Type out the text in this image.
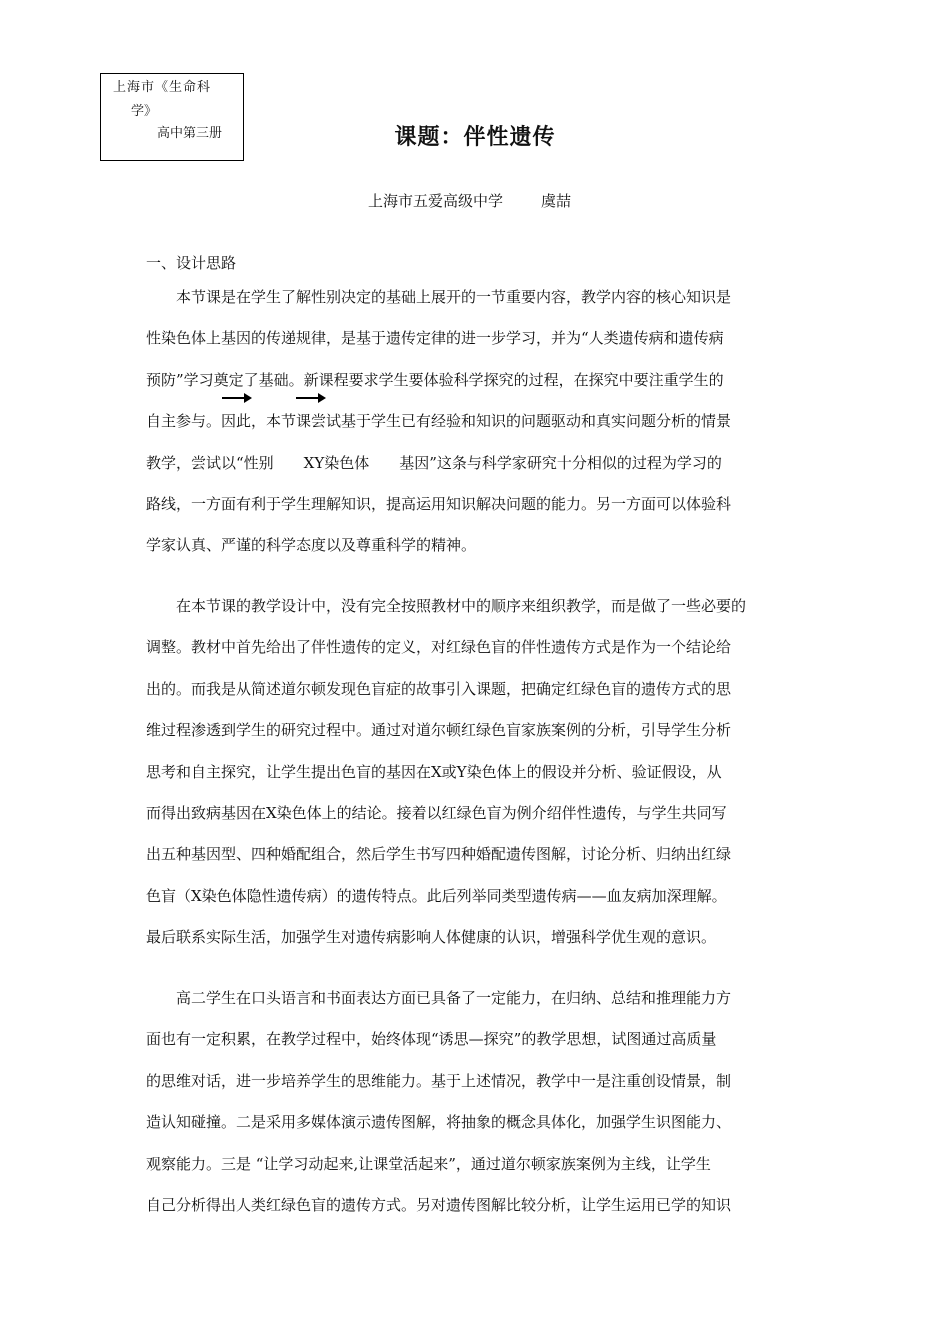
上海市《生命科
学》
高中第三册	课题：伴性遗传
上海市五爱高级中学	虞喆
一、设计思路

　　本节课是在学生了解性别决定的基础上展开的一节重要内容，教学内容的核心知识是
性染色体上基因的传递规律，是基于遗传定律的进一步学习，并为“人类遗传病和遗传病
预防”学习奠定了基础。新课程要求学生要体验科学探究的过程，在探究中要注重学生的
自主参与。因此，本节课尝试基于学生已有经验和知识的问题驱动和真实问题分析的情景
教学，尝试以“性别　　XY染色体　　基因”这条与科学家研究十分相似的过程为学习的
路线，一方面有利于学生理解知识，提高运用知识解决问题的能力。另一方面可以体验科
学家认真、严谨的科学态度以及尊重科学的精神。

　　在本节课的教学设计中，没有完全按照教材中的顺序来组织教学，而是做了一些必要的
调整。教材中首先给出了伴性遗传的定义，对红绿色盲的伴性遗传方式是作为一个结论给
出的。而我是从简述道尔顿发现色盲症的故事引入课题，把确定红绿色盲的遗传方式的思
维过程渗透到学生的研究过程中。通过对道尔顿红绿色盲家族案例的分析，引导学生分析
思考和自主探究，让学生提出色盲的基因在X或Y染色体上的假设并分析、验证假设，从
而得出致病基因在X染色体上的结论。接着以红绿色盲为例介绍伴性遗传，与学生共同写
出五种基因型、四种婚配组合，然后学生书写四种婚配遗传图解，讨论分析、归纳出红绿
色盲（X染色体隐性遗传病）的遗传特点。此后列举同类型遗传病——血友病加深理解。
最后联系实际生活，加强学生对遗传病影响人体健康的认识，增强科学优生观的意识。

　　高二学生在口头语言和书面表达方面已具备了一定能力，在归纳、总结和推理能力方
面也有一定积累，在教学过程中，始终体现“诱思—探究”的教学思想，试图通过高质量
的思维对话，进一步培养学生的思维能力。基于上述情况，教学中一是注重创设情景，制
造认知碰撞。二是采用多媒体演示遗传图解，将抽象的概念具体化，加强学生识图能力、
观察能力。三是 “让学习动起来,让课堂活起来”，通过道尔顿家族案例为主线，让学生
自己分析得出人类红绿色盲的遗传方式。另对遗传图解比较分析，让学生运用已学的知识
